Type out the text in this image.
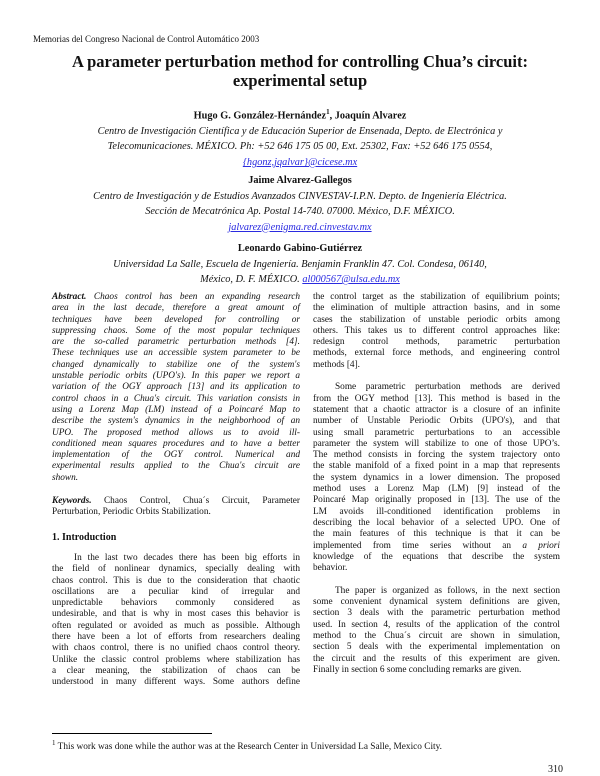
Memorias del Congreso Nacional de Control Automático 2003
A parameter perturbation method for controlling Chua’s circuit:
experimental setup
Hugo G. González-Hernández$^1$, Joaquín Alvarez
Centro de Investigación Científica y de Educación Superior de Ensenada, Depto. de Electrónica y
Telecomunicaciones. MÉXICO. Ph: +52 646 175 05 00, Ext. 25302, Fax: +52 646 175 0554,
{hgonz,jqalvar}@cicese.mx
Jaime Alvarez-Gallegos
Centro de Investigación y de Estudios Avanzados CINVESTAV-I.P.N. Depto. de Ingeniería Eléctrica.
Sección de Mecatrónica Ap. Postal 14-740. 07000. México, D.F. MÉXICO.
jalvarez@enigma.red.cinvestav.mx
Leonardo Gabino-Gutiérrez
Universidad La Salle, Escuela de Ingeniería. Benjamin Franklin 47. Col. Condesa, 06140,
México, D. F. MÉXICO. al000567@ulsa.edu.mx
Abstract. Chaos control has been an expanding research
area in the last decade, therefore a great amount of
techniques have been developed for controlling or
suppressing chaos. Some of the most popular techniques
are the so-called parametric perturbation methods [4].
These techniques use an accessible system parameter to be
changed dynamically to stabilize one of the system's
unstable periodic orbits (UPO's). In this paper we report a
variation of the OGY approach [13] and its application to
control chaos in a Chua's circuit. This variation consists in
using a Lorenz Map (LM) instead of a Poincaré Map to
describe the system's dynamics in the neighborhood of an
UPO. The proposed method allows us to avoid ill-
conditioned mean squares procedures and to have a better
implementation of the OGY control. Numerical and
experimental results applied to the Chua's circuit are
shown.
Keywords. Chaos Control, Chua´s Circuit, Parameter
Perturbation, Periodic Orbits Stabilization.
1. Introduction
In the last two decades there has been big efforts in
the field of nonlinear dynamics, specially dealing with
chaos control. This is due to the consideration that chaotic
oscillations are a peculiar kind of irregular and
unpredictable behaviors commonly considered as
undesirable, and that is why in most cases this behavior is
often regulated or avoided as much as possible. Although
there have been a lot of efforts from researchers dealing
with chaos control, there is no unified chaos control theory.
Unlike the classic control problems where stabilization has
a clear meaning, the stabilization of chaos can be
understood in many different ways. Some authors define
the control target as the stabilization of equilibrium points;
the elimination of multiple attraction basins, and in some
cases the stabilization of unstable periodic orbits among
others. This takes us to different control approaches like:
redesign control methods, parametric perturbation
methods, external force methods, and engineering control
methods [4].
Some parametric perturbation methods are derived
from the OGY method [13]. This method is based in the
statement that a chaotic attractor is a closure of an infinite
number of Unstable Periodic Orbits (UPO's), and that
using small parametric perturbations to an accessible
parameter the system will stabilize to one of those UPO’s.
The method consists in forcing the system trajectory onto
the stable manifold of a fixed point in a map that represents
the system dynamics in a lower dimension. The proposed
method uses a Lorenz Map (LM) [9] instead of the
Poincaré Map originally proposed in [13]. The use of the
LM avoids ill-conditioned identification problems in
describing the local behavior of a selected UPO. One of
the main features of this technique is that it can be
implemented from time series without an a priori
knowledge of the equations that describe the system
behavior.
The paper is organized as follows, in the next section
some convenient dynamical system definitions are given,
section 3 deals with the parametric perturbation method
used. In section 4, results of the application of the control
method to the Chua´s circuit are shown in simulation,
section 5 deals with the experimental implementation on
the circuit and the results of this experiment are given.
Finally in section 6 some concluding remarks are given.
$^1$ This work was done while the author was at the Research Center in Universidad La Salle, Mexico City.
310
